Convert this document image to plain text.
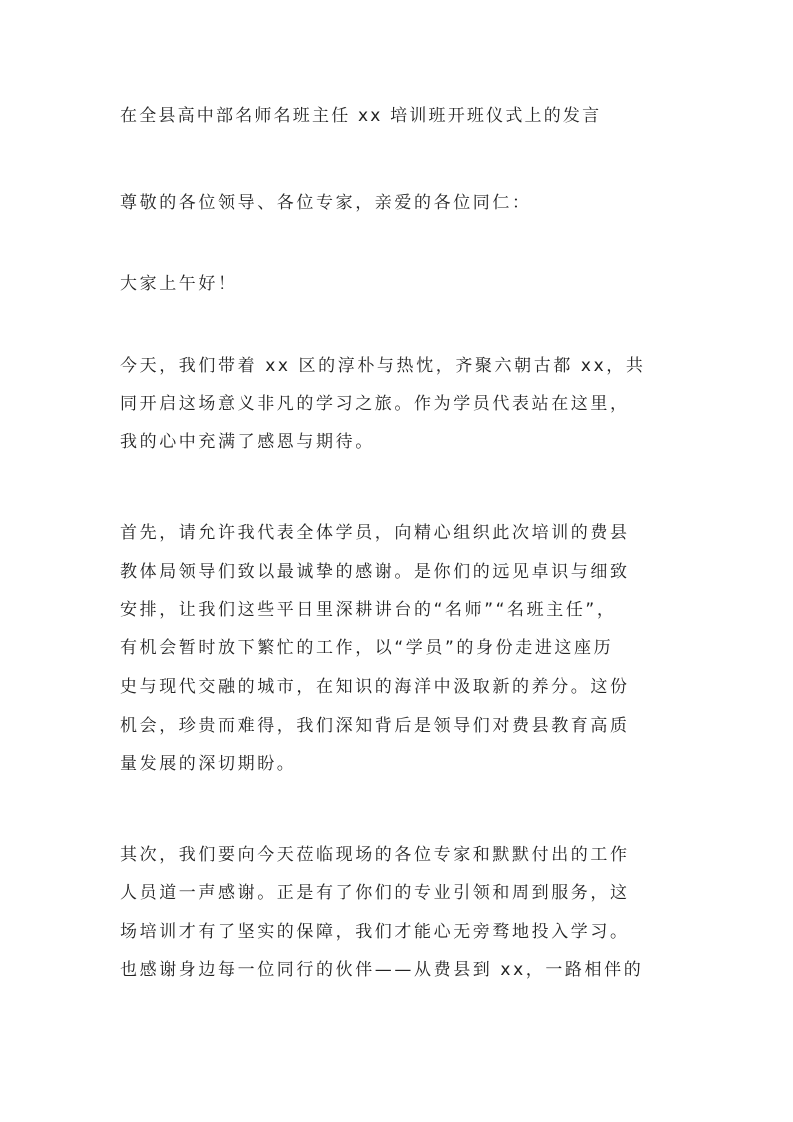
在全县高中部名师名班主任 xx 培训班开班仪式上的发言
尊敬的各位领导、各位专家，亲爱的各位同仁：
大家上午好！
今天，我们带着 xx 区的淳朴与热忱，齐聚六朝古都 xx，共
同开启这场意义非凡的学习之旅。作为学员代表站在这里，
我的心中充满了感恩与期待。
首先，请允许我代表全体学员，向精心组织此次培训的费县
教体局领导们致以最诚挚的感谢。是你们的远见卓识与细致
安排，让我们这些平日里深耕讲台的“名师”“名班主任”，
有机会暂时放下繁忙的工作，以“学员”的身份走进这座历
史与现代交融的城市，在知识的海洋中汲取新的养分。这份
机会，珍贵而难得，我们深知背后是领导们对费县教育高质
量发展的深切期盼。
其次，我们要向今天莅临现场的各位专家和默默付出的工作
人员道一声感谢。正是有了你们的专业引领和周到服务，这
场培训才有了坚实的保障，我们才能心无旁骛地投入学习。
也感谢身边每一位同行的伙伴——从费县到 xx，一路相伴的
